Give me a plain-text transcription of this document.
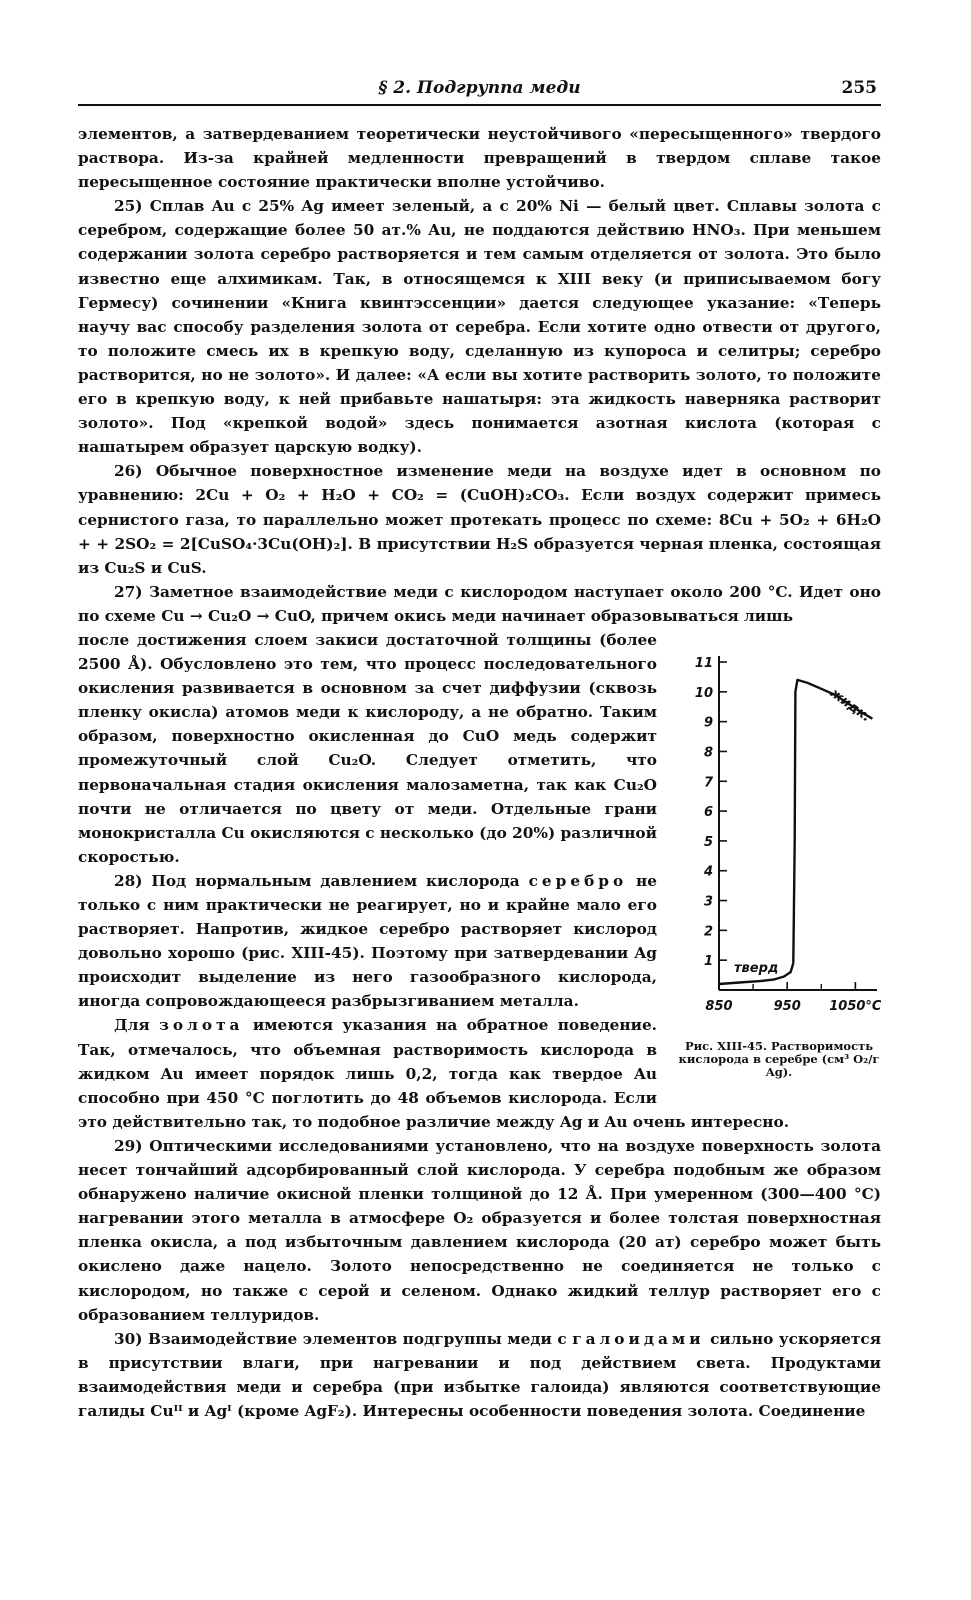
§ 2. Подгруппа меди	255

элементов, а затвердеванием теоретически неустойчивого «пересыщенного» твердого раствора. Из-за крайней медленности превращений в твердом сплаве такое пересыщенное состояние практически вполне устойчиво.

25) Сплав Au с 25% Ag имеет зеленый, а с 20% Ni — белый цвет. Сплавы золота с серебром, содержащие более 50 ат.% Au, не поддаются действию HNO₃. При меньшем содержании золота серебро растворяется и тем самым отделяется от золота. Это было известно еще алхимикам. Так, в относящемся к XIII веку (и приписываемом богу Гермесу) сочинении «Книга квинтэссенции» дается следующее указание: «Теперь научу вас способу разделения золота от серебра. Если хотите одно отвести от другого, то положите смесь их в крепкую воду, сделанную из купороса и селитры; серебро растворится, но не золото». И далее: «А если вы хотите растворить золото, то положите его в крепкую воду, к ней прибавьте нашатыря: эта жидкость наверняка растворит золото». Под «крепкой водой» здесь понимается азотная кислота (которая с нашатырем образует царскую водку).

26) Обычное поверхностное изменение меди на воздухе идет в основном по уравнению: 2Cu + O₂ + H₂O + CO₂ = (CuOH)₂CO₃. Если воздух содержит примесь сернистого газа, то параллельно может протекать процесс по схеме: 8Cu + 5O₂ + 6H₂O + + 2SO₂ = 2[CuSO₄·3Cu(OH)₂]. В присутствии H₂S образуется черная пленка, состоящая из Cu₂S и CuS.

27) Заметное взаимодействие меди с кислородом наступает около 200 °C. Идет оно по схеме Cu → Cu₂O → CuO, причем окись меди начинает образовываться лишь

1
2
3
4
5
6
7
8
9
10
11
850	950 1050°C
тверд
жидк.
Рис. XIII-45. Растворимость кислорода в серебре (см³ O₂/г Ag).

после достижения слоем закиси достаточной толщины (более 2500 Å). Обусловлено это тем, что процесс последовательного окисления развивается в основном за счет диффузии (сквозь пленку окисла) атомов меди к кислороду, а не обратно. Таким образом, поверхностно окисленная до CuO медь содержит промежуточный слой Cu₂O. Следует отметить, что первоначальная стадия окисления малозаметна, так как Cu₂O почти не отличается по цвету от меди. Отдельные грани монокристалла Cu окисляются с несколько (до 20%) различной скоростью.

28) Под нормальным давлением кислорода серебро не только с ним практически не реагирует, но и крайне мало его растворяет. Напротив, жидкое серебро растворяет кислород довольно хорошо (рис. XIII-45). Поэтому при затвердевании Ag происходит выделение из него газообразного кислорода, иногда сопровождающееся разбрызгиванием металла.

Для золота имеются указания на обратное поведение. Так, отмечалось, что объемная растворимость кислорода в жидком Au имеет порядок лишь 0,2, тогда как твердое Au способно при 450 °C поглотить до 48 объемов кислорода. Если это действительно так, то подобное различие между Ag и Au очень интересно.

29) Оптическими исследованиями установлено, что на воздухе поверхность золота несет тончайший адсорбированный слой кислорода. У серебра подобным же образом обнаружено наличие окисной пленки толщиной до 12 Å. При умеренном (300—400 °C) нагревании этого металла в атмосфере O₂ образуется и более толстая поверхностная пленка окисла, а под избыточным давлением кислорода (20 ат) серебро может быть окислено даже нацело. Золото непосредственно не соединяется не только с кислородом, но также с серой и селеном. Однако жидкий теллур растворяет его с образованием теллуридов.

30) Взаимодействие элементов подгруппы меди с галоидами сильно ускоряется в присутствии влаги, при нагревании и под действием света. Продуктами взаимодействия меди и серебра (при избытке галоида) являются соответствующие галиды Cuᴵᴵ и Agᴵ (кроме AgF₂). Интересны особенности поведения золота. Соединение
